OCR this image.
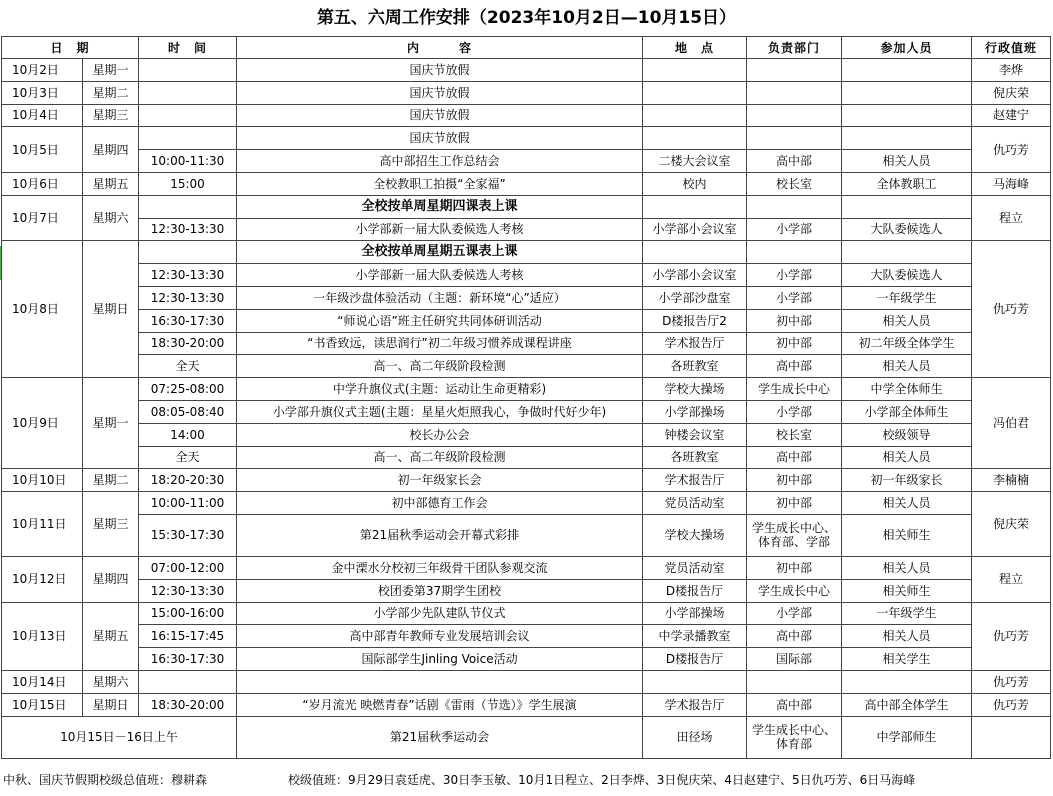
第五、六周工作安排（2023年10月2日—10月15日）
日　期		时　间	内　　　容	地　点	负责部门	参加人员	行政值班
10月2日	星期一		国庆节放假				李烨
10月3日	星期二		国庆节放假				倪庆荣
10月4日	星期三		国庆节放假				赵建宁
10月5日	星期四		国庆节放假				仇巧芳
		10:00-11:30	高中部招生工作总结会	二楼大会议室	高中部	相关人员	
10月6日	星期五	15:00	全校教职工拍摄“全家福”	校内	校长室	全体教职工	马海峰
10月7日	星期六		全校按单周星期四课表上课				程立
		12:30-13:30	小学部新一届大队委候选人考核	小学部小会议室	小学部	大队委候选人	
10月8日	星期日		全校按单周星期五课表上课				仇巧芳
		12:30-13:30	小学部新一届大队委候选人考核	小学部小会议室	小学部	大队委候选人	
		12:30-13:30	一年级沙盘体验活动（主题：新环境“心”适应）	小学部沙盘室	小学部	一年级学生	
		16:30-17:30	“师说心语”班主任研究共同体研训活动	D楼报告厅2	初中部	相关人员	
		18:30-20:00	“书香致远，读思润行”初二年级习惯养成课程讲座	学术报告厅	初中部	初二年级全体学生	
		全天	高一、高二年级阶段检测	各班教室	高中部	相关人员	
10月9日	星期一	07:25-08:00	中学升旗仪式(主题：运动让生命更精彩)	学校大操场	学生成长中心	中学全体师生	冯伯君
		08:05-08:40	小学部升旗仪式主题(主题：星星火炬照我心，争做时代好少年)	小学部操场	小学部	小学部全体师生	
		14:00	校长办公会	钟楼会议室	校长室	校级领导	
		全天	高一、高二年级阶段检测	各班教室	高中部	相关人员	
10月10日	星期二	18:20-20:30	初一年级家长会	学术报告厅	初中部	初一年级家长	李楠楠
10月11日	星期三	10:00-11:00	初中部德育工作会	党员活动室	初中部	相关人员	倪庆荣
		15:30-17:30	第21届秋季运动会开幕式彩排	学校大操场	学生成长中心、体育部、学部	相关师生	
10月12日	星期四	07:00-12:00	金中溧水分校初三年级骨干团队参观交流	党员活动室	初中部	相关人员	程立
		12:30-13:30	校团委第37期学生团校	D楼报告厅	学生成长中心	相关师生	
10月13日	星期五	15:00-16:00	小学部少先队建队节仪式	小学部操场	小学部	一年级学生	仇巧芳
		16:15-17:45	高中部青年教师专业发展培训会议	中学录播教室	高中部	相关人员	
		16:30-17:30	国际部学生Jinling Voice活动	D楼报告厅	国际部	相关学生	
10月14日	星期六						仇巧芳
10月15日	星期日	18:30-20:00	“岁月流光 映燃青春”话剧《雷雨（节选）》学生展演	学术报告厅	高中部	高中部全体学生	仇巧芳
10月15日－16日上午			第21届秋季运动会	田径场	学生成长中心、体育部	中学部师生	
中秋、国庆节假期校级总值班：穆耕森	校级值班：9月29日袁廷虎、30日李玉敏、10月1日程立、2日李烨、3日倪庆荣、4日赵建宁、5日仇巧芳、6日马海峰
